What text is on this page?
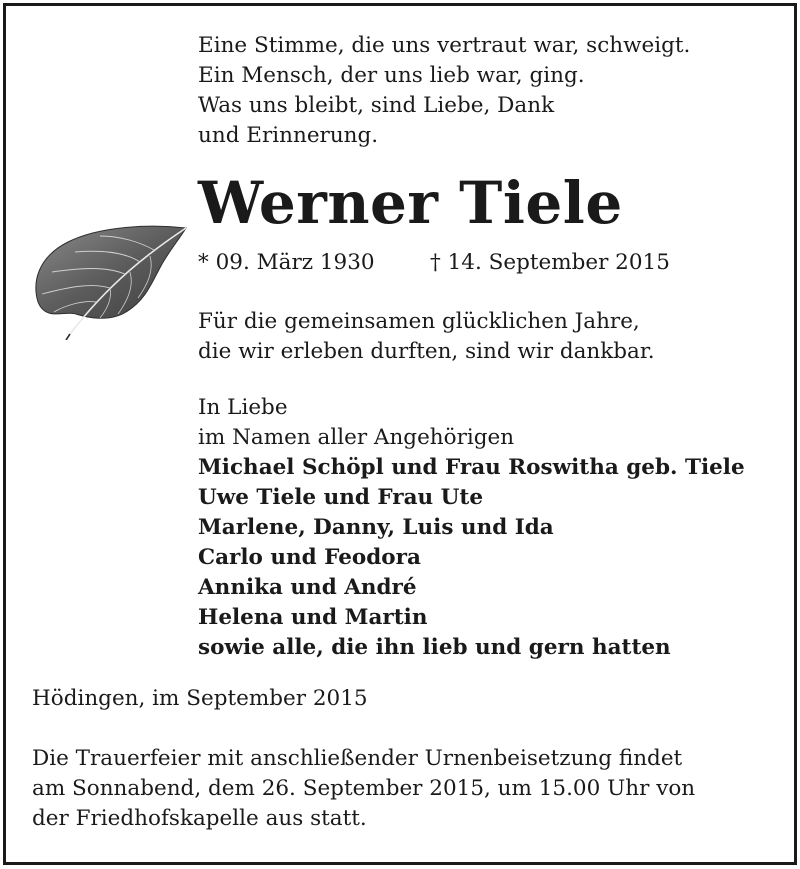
Eine Stimme, die uns vertraut war, schweigt.
Ein Mensch, der uns lieb war, ging.
Was uns bleibt, sind Liebe, Dank
und Erinnerung.
Werner Tiele
* 09. März 1930	† 14. September 2015
Für die gemeinsamen glücklichen Jahre,
die wir erleben durften, sind wir dankbar.
In Liebe
im Namen aller Angehörigen
Michael Schöpl und Frau Roswitha geb. Tiele
Uwe Tiele und Frau Ute
Marlene, Danny, Luis und Ida
Carlo und Feodora
Annika und André
Helena und Martin
sowie alle, die ihn lieb und gern hatten
Hödingen, im September 2015
Die Trauerfeier mit anschließender Urnenbeisetzung findet
am Sonnabend, dem 26. September 2015, um 15.00 Uhr von
der Friedhofskapelle aus statt.
